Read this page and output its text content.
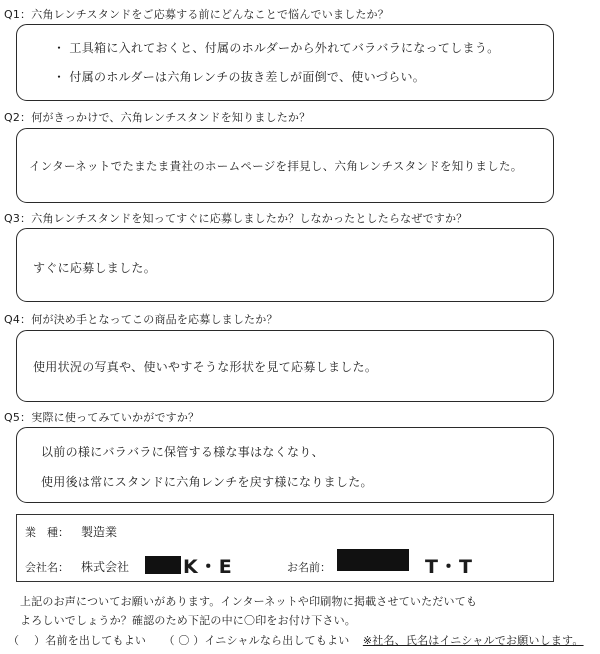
Q1：六角レンチスタンドをご応募する前にどんなことで悩んでいましたか？
・ 工具箱に入れておくと、付属のホルダーから外れてバラバラになってしまう。
・ 付属のホルダーは六角レンチの抜き差しが面倒で、使いづらい。
Q2：何がきっかけで、六角レンチスタンドを知りましたか？
インターネットでたまたま貴社のホームページを拝見し、六角レンチスタンドを知りました。
Q3：六角レンチスタンドを知ってすぐに応募しましたか？しなかったとしたらなぜですか？
すぐに応募しました。
Q4：何が決め手となってこの商品を応募しましたか？
使用状況の写真や、使いやすそうな形状を見て応募しました。
Q5：実際に使ってみていかがですか？
以前の様にバラバラに保管する様な事はなくなり、
使用後は常にスタンドに六角レンチを戻す様になりました。
業　種： 製造業
会社名： 株式会社	K・E	お名前：	T・T
上記のお声についてお願いがあります。インターネットや印刷物に掲載させていただいても
よろしいでしょうか？確認のため下記の中に〇印をお付け下さい。
（　 ）名前を出してもよい （ 〇 ）イニシャルなら出してもよい ※社名、氏名はイニシャルでお願いします。
